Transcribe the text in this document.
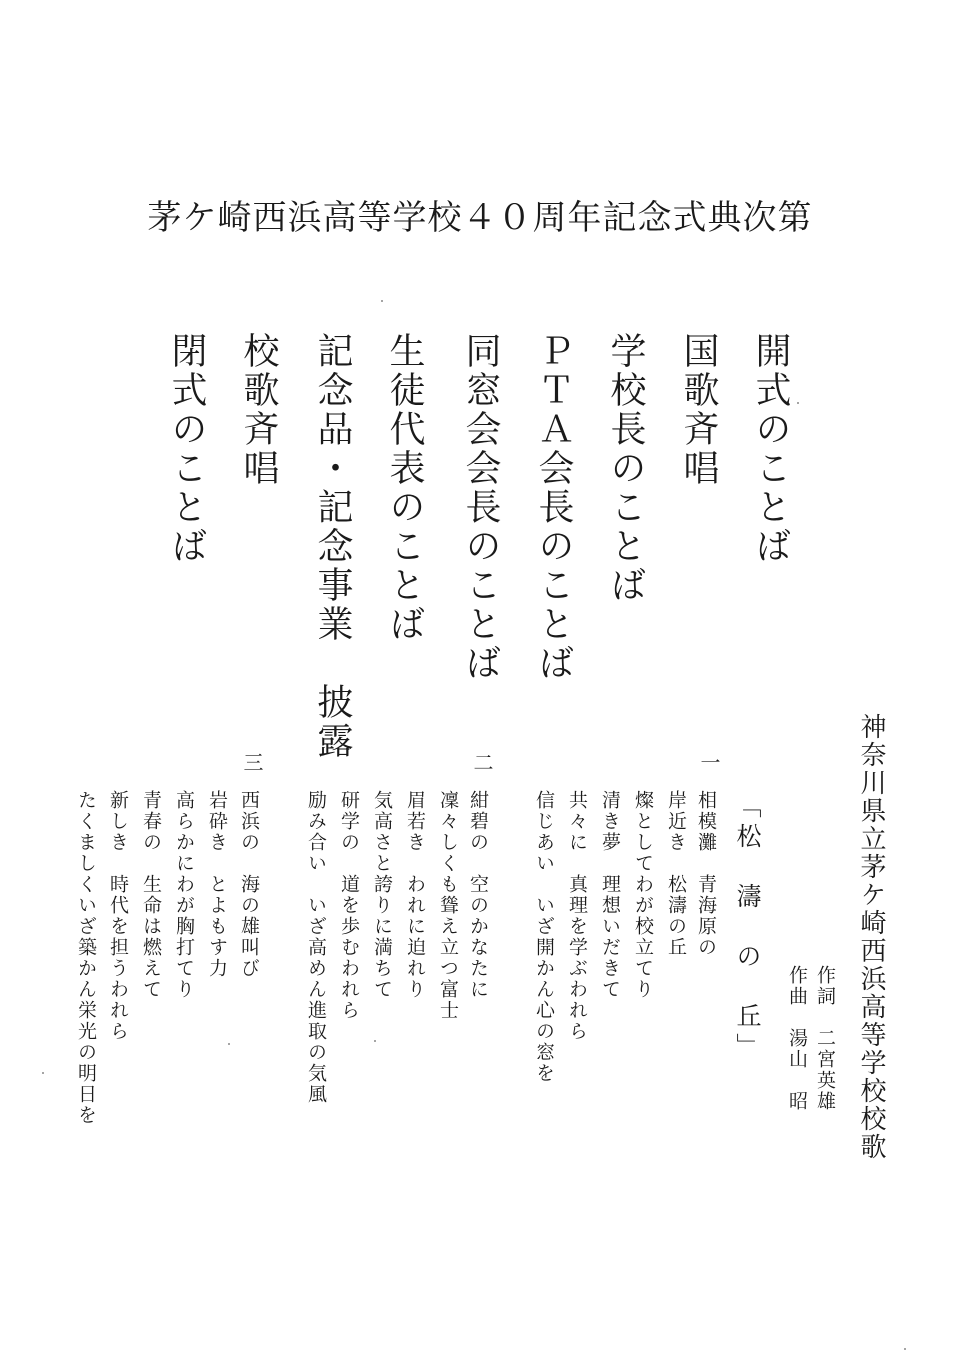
茅ケ崎西浜高等学校４０周年記念式典次第
開式のことば
国歌斉唱
学校長のことば
ＰＴＡ会長のことば
同窓会会長のことば
生徒代表のことば
記念品・記念事業　披露
校歌斉唱
閉式のことば
神奈川県立茅ケ崎西浜高等学校校歌
作詞　二宮英雄
作曲　湯山　昭
「松　濤　の　丘」
一
相模灘　青海原の
岸近き　松濤の丘
燦としてわが校立てり
清き夢　理想いだきて
共々に　真理を学ぶわれら
信じあい　いざ開かん心の窓を
二
紺碧の　空のかなたに
凜々しくも聳え立つ富士
眉若き　われに迫れり
気高さと誇りに満ちて
研学の　道を歩むわれら
励み合い　いざ高めん進取の気風
三
西浜の　海の雄叫び
岩砕き　とよもす力
高らかにわが胸打てり
青春の　生命は燃えて
新しき　時代を担うわれら
たくましくいざ築かん栄光の明日を
